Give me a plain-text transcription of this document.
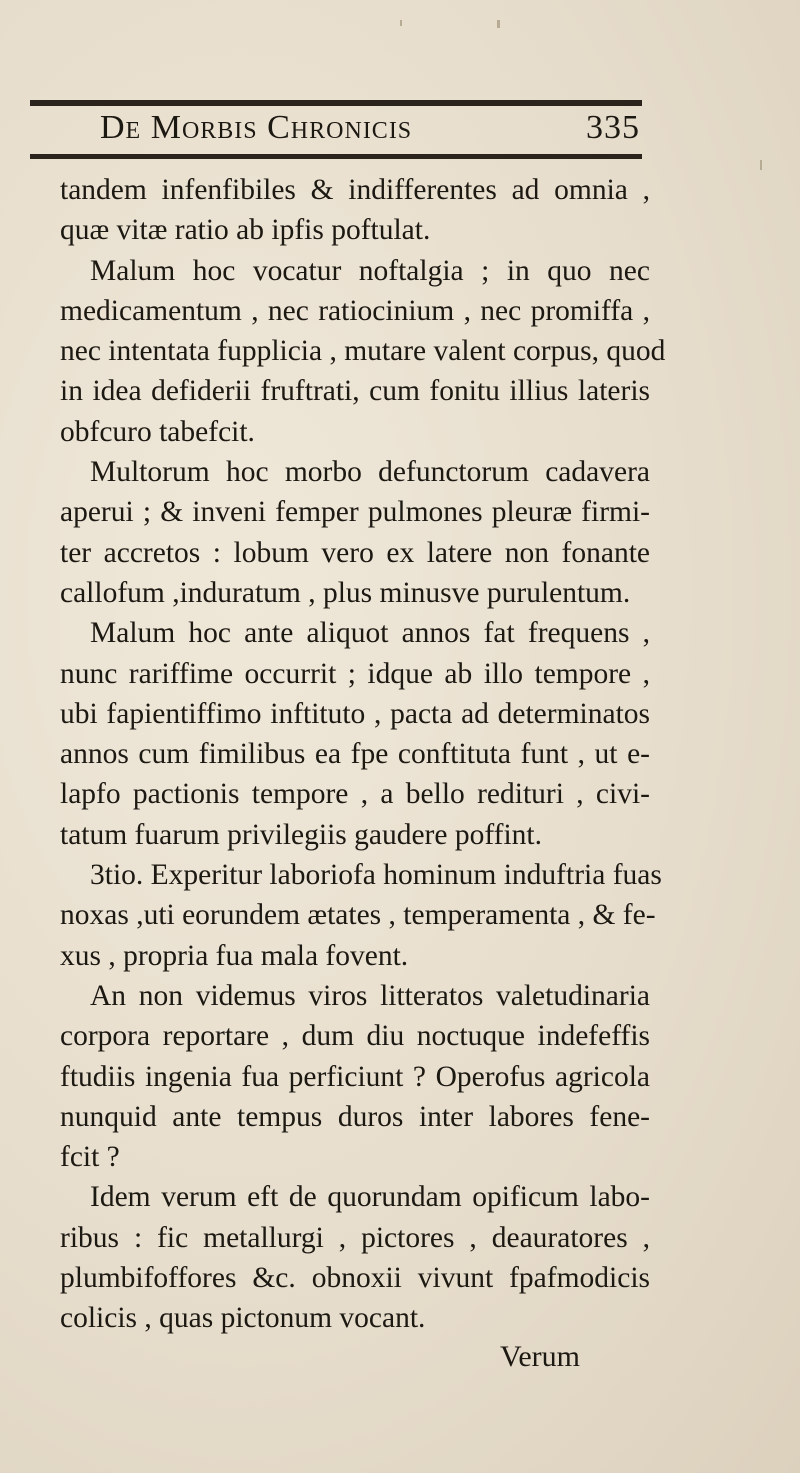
De Morbis Chronicis	335
tandem infenfibiles & indifferentes ad omnia ,
quæ vitæ ratio ab ipfis poftulat.
Malum hoc vocatur noftalgia ; in quo nec
medicamentum , nec ratiocinium , nec promiffa ,
nec intentata fupplicia , mutare valent corpus, quod
in idea defiderii fruftrati, cum fonitu illius lateris
obfcuro tabefcit.
Multorum hoc morbo defunctorum cadavera
aperui ; & inveni femper pulmones pleuræ firmi-
ter accretos : lobum vero ex latere non fonante
callofum ,induratum , plus minusve purulentum.
Malum hoc ante aliquot annos fat frequens ,
nunc rariffime occurrit ; idque ab illo tempore ,
ubi fapientiffimo inftituto , pacta ad determinatos
annos cum fimilibus ea fpe conftituta funt , ut e-
lapfo pactionis tempore , a bello redituri , civi-
tatum fuarum privilegiis gaudere poffint.
3tio. Experitur laboriofa hominum induftria fuas
noxas ,uti eorundem ætates , temperamenta , & fe-
xus , propria fua mala fovent.
An non videmus viros litteratos valetudinaria
corpora reportare , dum diu noctuque indefeffis
ftudiis ingenia fua perficiunt ? Operofus agricola
nunquid ante tempus duros inter labores fene-
fcit ?
Idem verum eft de quorundam opificum labo-
ribus : fic metallurgi , pictores , deauratores ,
plumbifoffores &c. obnoxii vivunt fpafmodicis
colicis , quas pictonum vocant.
Verum
